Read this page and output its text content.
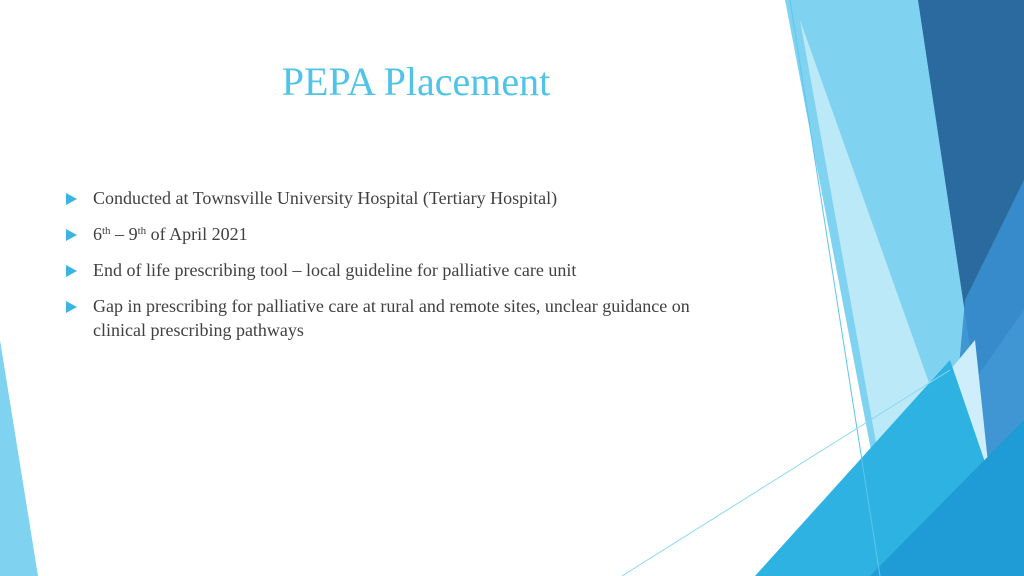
PEPA Placement
Conducted at Townsville University Hospital (Tertiary Hospital)
6th – 9th of April 2021
End of life prescribing tool – local guideline for palliative care unit
Gap in prescribing for palliative care at rural and remote sites, unclear guidance on clinical prescribing pathways
